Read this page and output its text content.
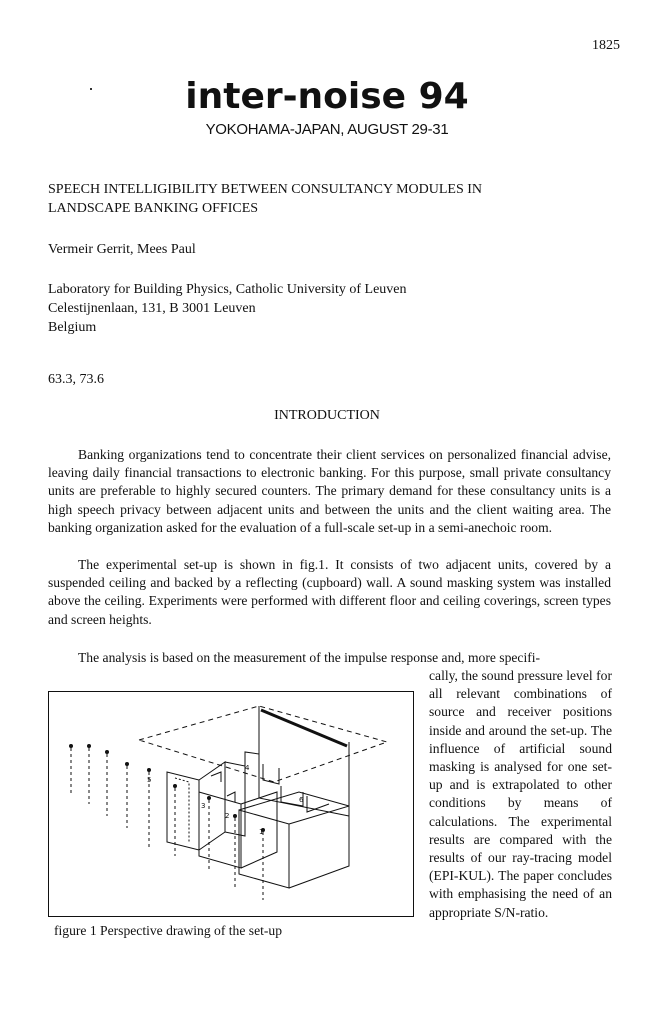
1825
inter-noise 94
YOKOHAMA-JAPAN, AUGUST 29-31
SPEECH INTELLIGIBILITY BETWEEN CONSULTANCY MODULES IN
LANDSCAPE BANKING OFFICES
Vermeir Gerrit, Mees Paul
Laboratory for Building Physics, Catholic University of Leuven
Celestijnenlaan, 131, B 3001 Leuven
Belgium
63.3, 73.6
INTRODUCTION

Banking organizations tend to concentrate their client services on personalized financial advise, leaving daily financial transactions to electronic banking. For this purpose, small private consultancy units are preferable to highly secured counters. The primary demand for these consultancy units is a high speech privacy between adjacent units and between the units and the client waiting area. The banking organization asked for the evaluation of a full-scale set-up in a semi-anechoic room.

The experimental set-up is shown in fig.1. It consists of two adjacent units, covered by a suspended ceiling and backed by a reflecting (cupboard) wall. A sound masking system was installed above the ceiling. Experiments were performed with different floor and ceiling coverings, screen types and screen heights.

The analysis is based on the measurement of the impulse response and, more specifi-

cally, the sound pressure level for all relevant combinations of source and receiver positions inside and around the set-up. The influence of artificial sound masking is analysed for one set-up and is extrapolated to other conditions by means of calculations. The experimental results are compared with the results of our ray-tracing model (EPI-KUL). The paper concludes with emphasising the need of an appropriate S/N-ratio.

4
3
5
1
2
6
figure 1 Perspective drawing of the set-up
